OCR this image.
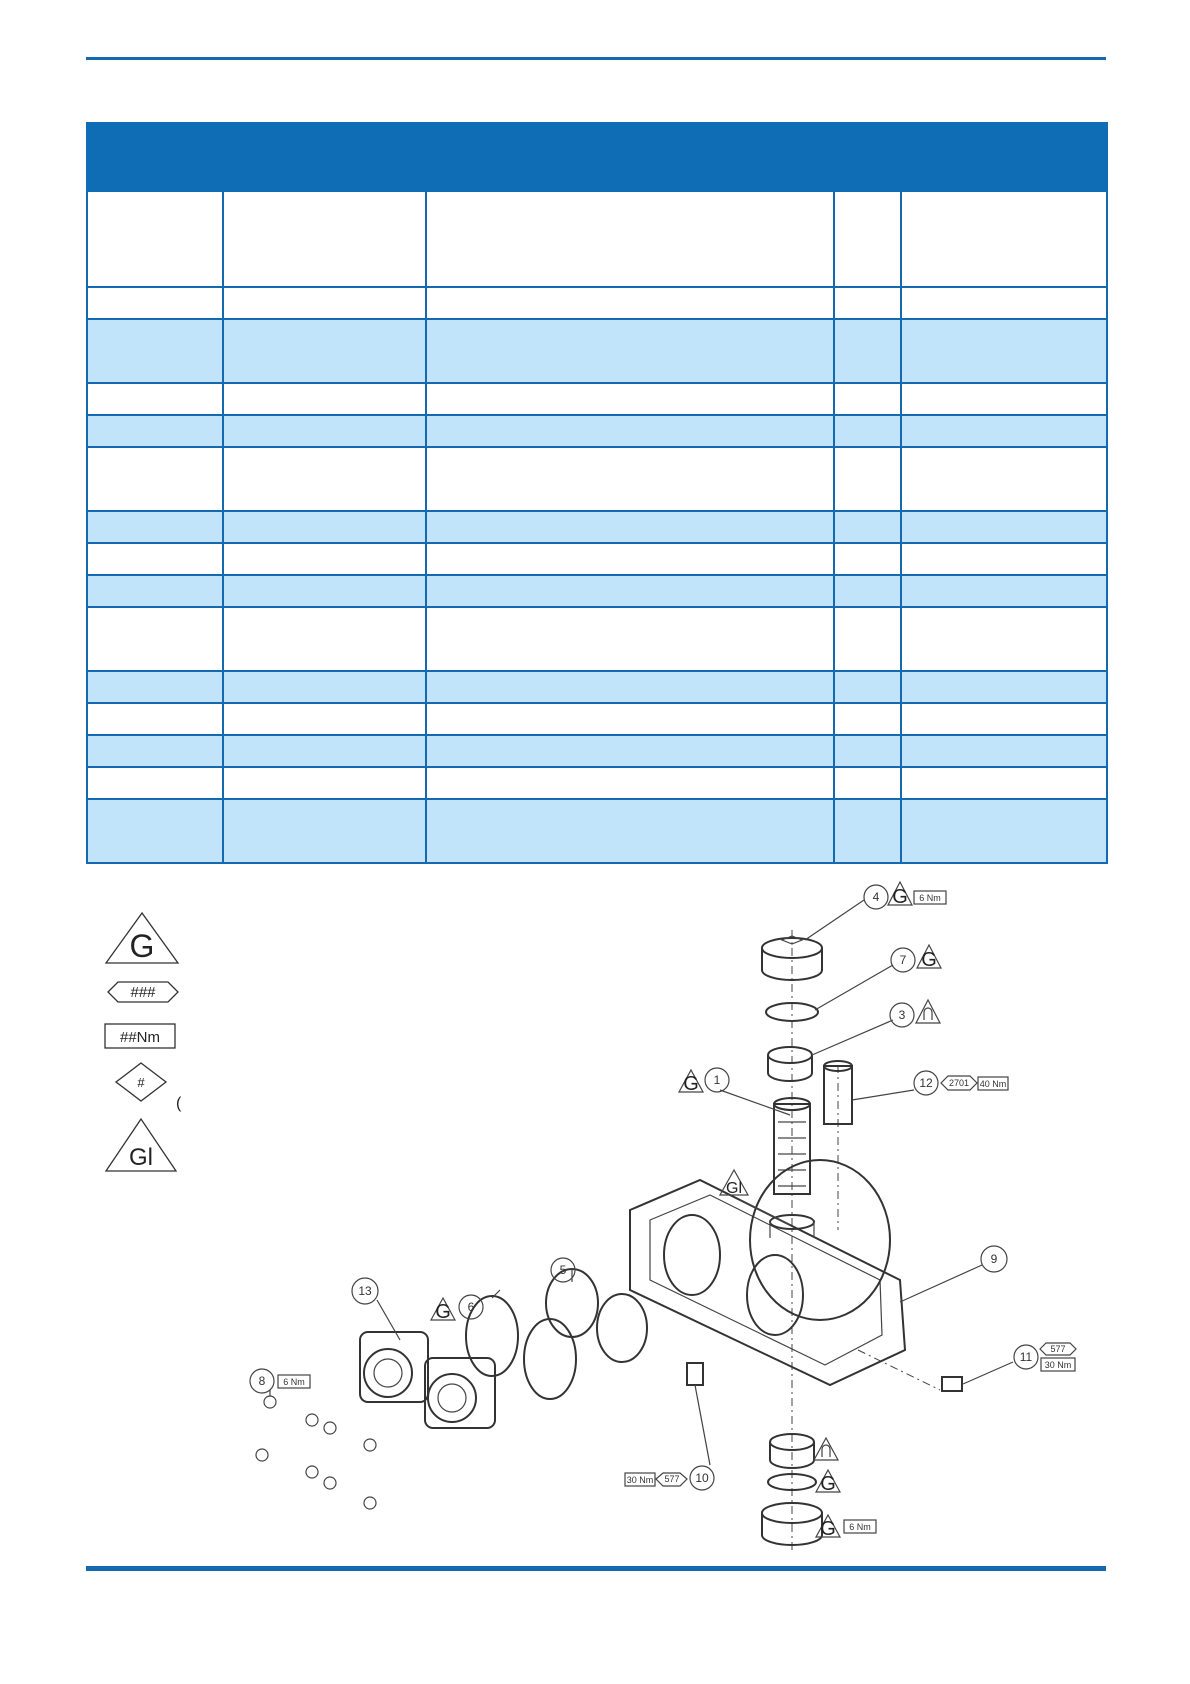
G
###
##Nm
#
(
Gl
4 G 6 Nm
7 G
3
G 1	12 2701 40 Nm
Gl
9
5
G 6
13
8 6 Nm
30 Nm 577 10
11
577
30 Nm
G
G 6 Nm
